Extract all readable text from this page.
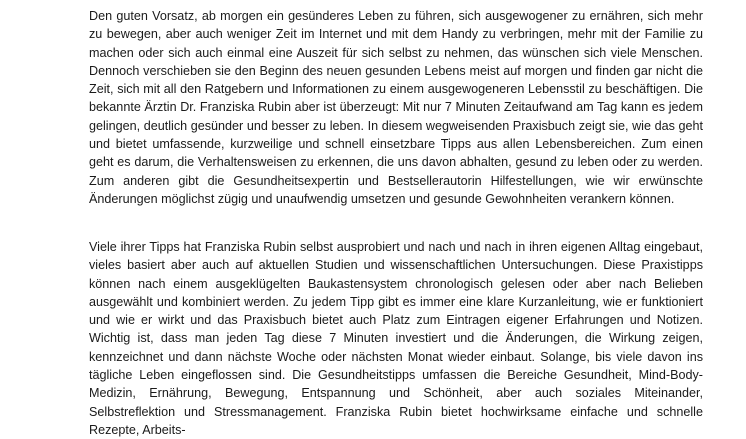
Den guten Vorsatz, ab morgen ein gesünderes Leben zu führen, sich ausgewogener zu ernähren, sich mehr zu bewegen, aber auch weniger Zeit im Internet und mit dem Handy zu verbringen, mehr mit der Familie zu machen oder sich auch einmal eine Auszeit für sich selbst zu nehmen, das wünschen sich viele Menschen. Dennoch verschieben sie den Beginn des neuen gesunden Lebens meist auf morgen und finden gar nicht die Zeit, sich mit all den Ratgebern und Informationen zu einem ausgewogeneren Lebensstil zu beschäftigen. Die bekannte Ärztin Dr. Franziska Rubin aber ist überzeugt: Mit nur 7 Minuten Zeitaufwand am Tag kann es jedem gelingen, deutlich gesünder und besser zu leben. In diesem wegweisenden Praxisbuch zeigt sie, wie das geht und bietet umfassende, kurzweilige und schnell einsetzbare Tipps aus allen Lebensbereichen. Zum einen geht es darum, die Verhaltensweisen zu erkennen, die uns davon abhalten, gesund zu leben oder zu werden. Zum anderen gibt die Gesundheitsexpertin und Bestsellerautorin Hilfestellungen, wie wir erwünschte Änderungen möglichst zügig und unaufwendig umsetzen und gesunde Gewohnheiten verankern können.

Viele ihrer Tipps hat Franziska Rubin selbst ausprobiert und nach und nach in ihren eigenen Alltag eingebaut, vieles basiert aber auch auf aktuellen Studien und wissenschaftlichen Untersuchungen. Diese Praxistipps können nach einem ausgeklügelten Baukastensystem chronologisch gelesen oder aber nach Belieben ausgewählt und kombiniert werden. Zu jedem Tipp gibt es immer eine klare Kurzanleitung, wie er funktioniert und wie er wirkt und das Praxisbuch bietet auch Platz zum Eintragen eigener Erfahrungen und Notizen. Wichtig ist, dass man jeden Tag diese 7 Minuten investiert und die Änderungen, die Wirkung zeigen, kennzeichnet und dann nächste Woche oder nächsten Monat wieder einbaut. Solange, bis viele davon ins tägliche Leben eingeflossen sind. Die Gesundheitstipps umfassen die Bereiche Gesundheit, Mind-Body-Medizin, Ernährung, Bewegung, Entspannung und Schönheit, aber auch soziales Miteinander, Selbstreflektion und Stressmanagement. Franziska Rubin bietet hochwirksame einfache und schnelle Rezepte, Arbeits-
